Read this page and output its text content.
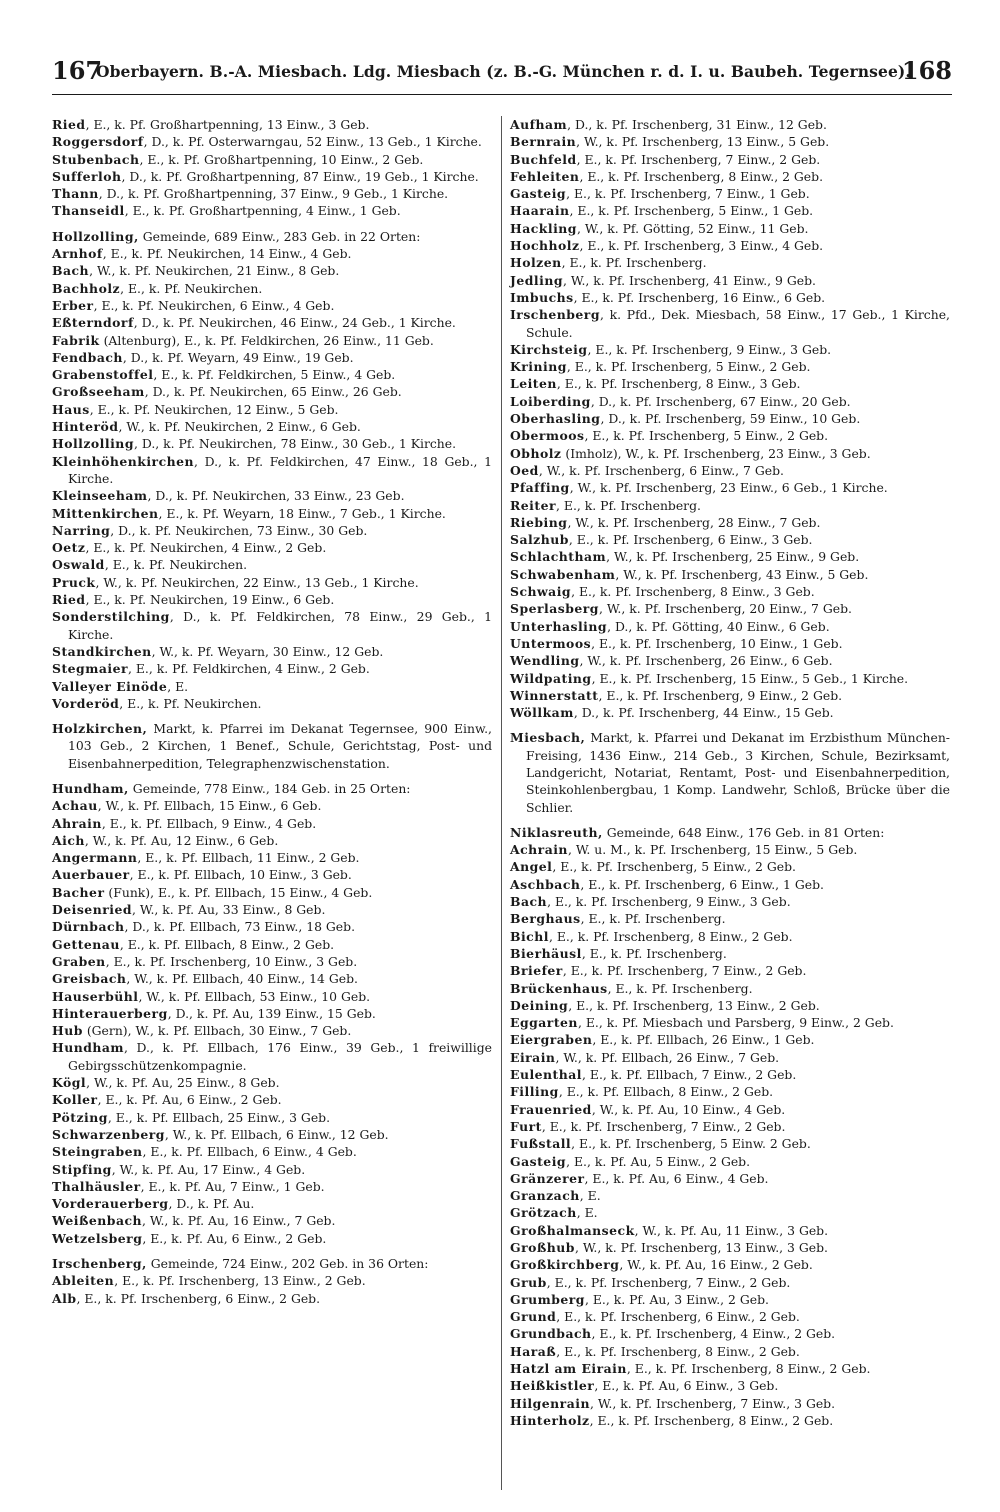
167
Oberbayern. B.-A. Miesbach. Ldg. Miesbach (z. B.-G. München r. d. I. u. Baubeh. Tegernsee).
168
Ried, E., k. Pf. Großhartpenning, 13 Einw., 3 Geb.
Roggersdorf, D., k. Pf. Osterwarngau, 52 Einw., 13 Geb., 1 Kirche.
Stubenbach, E., k. Pf. Großhartpenning, 10 Einw., 2 Geb.
Sufferloh, D., k. Pf. Großhartpenning, 87 Einw., 19 Geb., 1 Kirche.
Thann, D., k. Pf. Großhartpenning, 37 Einw., 9 Geb., 1 Kirche.
Thanseidl, E., k. Pf. Großhartpenning, 4 Einw., 1 Geb.
Hollzolling, Gemeinde, 689 Einw., 283 Geb. in 22 Orten:
Arnhof, E., k. Pf. Neukirchen, 14 Einw., 4 Geb.
Bach, W., k. Pf. Neukirchen, 21 Einw., 8 Geb.
Bachholz, E., k. Pf. Neukirchen.
Erber, E., k. Pf. Neukirchen, 6 Einw., 4 Geb.
Eßterndorf, D., k. Pf. Neukirchen, 46 Einw., 24 Geb., 1 Kirche.
Fabrik (Altenburg), E., k. Pf. Feldkirchen, 26 Einw., 11 Geb.
Fendbach, D., k. Pf. Weyarn, 49 Einw., 19 Geb.
Grabenstoffel, E., k. Pf. Feldkirchen, 5 Einw., 4 Geb.
Großseeham, D., k. Pf. Neukirchen, 65 Einw., 26 Geb.
Haus, E., k. Pf. Neukirchen, 12 Einw., 5 Geb.
Hinteröd, W., k. Pf. Neukirchen, 2 Einw., 6 Geb.
Hollzolling, D., k. Pf. Neukirchen, 78 Einw., 30 Geb., 1 Kirche.
Kleinhöhenkirchen, D., k. Pf. Feldkirchen, 47 Einw., 18 Geb., 1 Kirche.
Kleinseeham, D., k. Pf. Neukirchen, 33 Einw., 23 Geb.
Mittenkirchen, E., k. Pf. Weyarn, 18 Einw., 7 Geb., 1 Kirche.
Narring, D., k. Pf. Neukirchen, 73 Einw., 30 Geb.
Oetz, E., k. Pf. Neukirchen, 4 Einw., 2 Geb.
Oswald, E., k. Pf. Neukirchen.
Pruck, W., k. Pf. Neukirchen, 22 Einw., 13 Geb., 1 Kirche.
Ried, E., k. Pf. Neukirchen, 19 Einw., 6 Geb.
Sonderstilching, D., k. Pf. Feldkirchen, 78 Einw., 29 Geb., 1 Kirche.
Standkirchen, W., k. Pf. Weyarn, 30 Einw., 12 Geb.
Stegmaier, E., k. Pf. Feldkirchen, 4 Einw., 2 Geb.
Valleyer Einöde, E.
Vorderöd, E., k. Pf. Neukirchen.
Holzkirchen, Markt, k. Pfarrei im Dekanat Tegernsee, 900 Einw., 103 Geb., 2 Kirchen, 1 Benef., Schule, Gerichtstag, Post- und Eisenbahnerpedition, Telegraphenzwischenstation.
Hundham, Gemeinde, 778 Einw., 184 Geb. in 25 Orten:
Achau, W., k. Pf. Ellbach, 15 Einw., 6 Geb.
Ahrain, E., k. Pf. Ellbach, 9 Einw., 4 Geb.
Aich, W., k. Pf. Au, 12 Einw., 6 Geb.
Angermann, E., k. Pf. Ellbach, 11 Einw., 2 Geb.
Auerbauer, E., k. Pf. Ellbach, 10 Einw., 3 Geb.
Bacher (Funk), E., k. Pf. Ellbach, 15 Einw., 4 Geb.
Deisenried, W., k. Pf. Au, 33 Einw., 8 Geb.
Dürnbach, D., k. Pf. Ellbach, 73 Einw., 18 Geb.
Gettenau, E., k. Pf. Ellbach, 8 Einw., 2 Geb.
Graben, E., k. Pf. Irschenberg, 10 Einw., 3 Geb.
Greisbach, W., k. Pf. Ellbach, 40 Einw., 14 Geb.
Hauserbühl, W., k. Pf. Ellbach, 53 Einw., 10 Geb.
Hinterauerberg, D., k. Pf. Au, 139 Einw., 15 Geb.
Hub (Gern), W., k. Pf. Ellbach, 30 Einw., 7 Geb.
Hundham, D., k. Pf. Ellbach, 176 Einw., 39 Geb., 1 freiwillige Gebirgsschützenkompagnie.
Kögl, W., k. Pf. Au, 25 Einw., 8 Geb.
Koller, E., k. Pf. Au, 6 Einw., 2 Geb.
Pötzing, E., k. Pf. Ellbach, 25 Einw., 3 Geb.
Schwarzenberg, W., k. Pf. Ellbach, 6 Einw., 12 Geb.
Steingraben, E., k. Pf. Ellbach, 6 Einw., 4 Geb.
Stipfing, W., k. Pf. Au, 17 Einw., 4 Geb.
Thalhäusler, E., k. Pf. Au, 7 Einw., 1 Geb.
Vorderauerberg, D., k. Pf. Au.
Weißenbach, W., k. Pf. Au, 16 Einw., 7 Geb.
Wetzelsberg, E., k. Pf. Au, 6 Einw., 2 Geb.
Irschenberg, Gemeinde, 724 Einw., 202 Geb. in 36 Orten:
Ableiten, E., k. Pf. Irschenberg, 13 Einw., 2 Geb.
Alb, E., k. Pf. Irschenberg, 6 Einw., 2 Geb.
Aufham, D., k. Pf. Irschenberg, 31 Einw., 12 Geb.
Bernrain, W., k. Pf. Irschenberg, 13 Einw., 5 Geb.
Buchfeld, E., k. Pf. Irschenberg, 7 Einw., 2 Geb.
Fehleiten, E., k. Pf. Irschenberg, 8 Einw., 2 Geb.
Gasteig, E., k. Pf. Irschenberg, 7 Einw., 1 Geb.
Haarain, E., k. Pf. Irschenberg, 5 Einw., 1 Geb.
Hackling, W., k. Pf. Götting, 52 Einw., 11 Geb.
Hochholz, E., k. Pf. Irschenberg, 3 Einw., 4 Geb.
Holzen, E., k. Pf. Irschenberg.
Jedling, W., k. Pf. Irschenberg, 41 Einw., 9 Geb.
Imbuchs, E., k. Pf. Irschenberg, 16 Einw., 6 Geb.
Irschenberg, k. Pfd., Dek. Miesbach, 58 Einw., 17 Geb., 1 Kirche, Schule.
Kirchsteig, E., k. Pf. Irschenberg, 9 Einw., 3 Geb.
Krining, E., k. Pf. Irschenberg, 5 Einw., 2 Geb.
Leiten, E., k. Pf. Irschenberg, 8 Einw., 3 Geb.
Loiberding, D., k. Pf. Irschenberg, 67 Einw., 20 Geb.
Oberhasling, D., k. Pf. Irschenberg, 59 Einw., 10 Geb.
Obermoos, E., k. Pf. Irschenberg, 5 Einw., 2 Geb.
Obholz (Imholz), W., k. Pf. Irschenberg, 23 Einw., 3 Geb.
Oed, W., k. Pf. Irschenberg, 6 Einw., 7 Geb.
Pfaffing, W., k. Pf. Irschenberg, 23 Einw., 6 Geb., 1 Kirche.
Reiter, E., k. Pf. Irschenberg.
Riebing, W., k. Pf. Irschenberg, 28 Einw., 7 Geb.
Salzhub, E., k. Pf. Irschenberg, 6 Einw., 3 Geb.
Schlachtham, W., k. Pf. Irschenberg, 25 Einw., 9 Geb.
Schwabenham, W., k. Pf. Irschenberg, 43 Einw., 5 Geb.
Schwaig, E., k. Pf. Irschenberg, 8 Einw., 3 Geb.
Sperlasberg, W., k. Pf. Irschenberg, 20 Einw., 7 Geb.
Unterhasling, D., k. Pf. Götting, 40 Einw., 6 Geb.
Untermoos, E., k. Pf. Irschenberg, 10 Einw., 1 Geb.
Wendling, W., k. Pf. Irschenberg, 26 Einw., 6 Geb.
Wildpating, E., k. Pf. Irschenberg, 15 Einw., 5 Geb., 1 Kirche.
Winnerstatt, E., k. Pf. Irschenberg, 9 Einw., 2 Geb.
Wöllkam, D., k. Pf. Irschenberg, 44 Einw., 15 Geb.
Miesbach, Markt, k. Pfarrei und Dekanat im Erzbisthum München-Freising, 1436 Einw., 214 Geb., 3 Kirchen, Schule, Bezirksamt, Landgericht, Notariat, Rentamt, Post- und Eisenbahnerpedition, Steinkohlenbergbau, 1 Komp. Landwehr, Schloß, Brücke über die Schlier.
Niklasreuth, Gemeinde, 648 Einw., 176 Geb. in 81 Orten:
Achrain, W. u. M., k. Pf. Irschenberg, 15 Einw., 5 Geb.
Angel, E., k. Pf. Irschenberg, 5 Einw., 2 Geb.
Aschbach, E., k. Pf. Irschenberg, 6 Einw., 1 Geb.
Bach, E., k. Pf. Irschenberg, 9 Einw., 3 Geb.
Berghaus, E., k. Pf. Irschenberg.
Bichl, E., k. Pf. Irschenberg, 8 Einw., 2 Geb.
Bierhäusl, E., k. Pf. Irschenberg.
Briefer, E., k. Pf. Irschenberg, 7 Einw., 2 Geb.
Brückenhaus, E., k. Pf. Irschenberg.
Deining, E., k. Pf. Irschenberg, 13 Einw., 2 Geb.
Eggarten, E., k. Pf. Miesbach und Parsberg, 9 Einw., 2 Geb.
Eiergraben, E., k. Pf. Ellbach, 26 Einw., 1 Geb.
Eirain, W., k. Pf. Ellbach, 26 Einw., 7 Geb.
Eulenthal, E., k. Pf. Ellbach, 7 Einw., 2 Geb.
Filling, E., k. Pf. Ellbach, 8 Einw., 2 Geb.
Frauenried, W., k. Pf. Au, 10 Einw., 4 Geb.
Furt, E., k. Pf. Irschenberg, 7 Einw., 2 Geb.
Fußstall, E., k. Pf. Irschenberg, 5 Einw. 2 Geb.
Gasteig, E., k. Pf. Au, 5 Einw., 2 Geb.
Gränzerer, E., k. Pf. Au, 6 Einw., 4 Geb.
Granzach, E.
Grötzach, E.
Großhalmanseck, W., k. Pf. Au, 11 Einw., 3 Geb.
Großhub, W., k. Pf. Irschenberg, 13 Einw., 3 Geb.
Großkirchberg, W., k. Pf. Au, 16 Einw., 2 Geb.
Grub, E., k. Pf. Irschenberg, 7 Einw., 2 Geb.
Grumberg, E., k. Pf. Au, 3 Einw., 2 Geb.
Grund, E., k. Pf. Irschenberg, 6 Einw., 2 Geb.
Grundbach, E., k. Pf. Irschenberg, 4 Einw., 2 Geb.
Haraß, E., k. Pf. Irschenberg, 8 Einw., 2 Geb.
Hatzl am Eirain, E., k. Pf. Irschenberg, 8 Einw., 2 Geb.
Heißkistler, E., k. Pf. Au, 6 Einw., 3 Geb.
Hilgenrain, W., k. Pf. Irschenberg, 7 Einw., 3 Geb.
Hinterholz, E., k. Pf. Irschenberg, 8 Einw., 2 Geb.
